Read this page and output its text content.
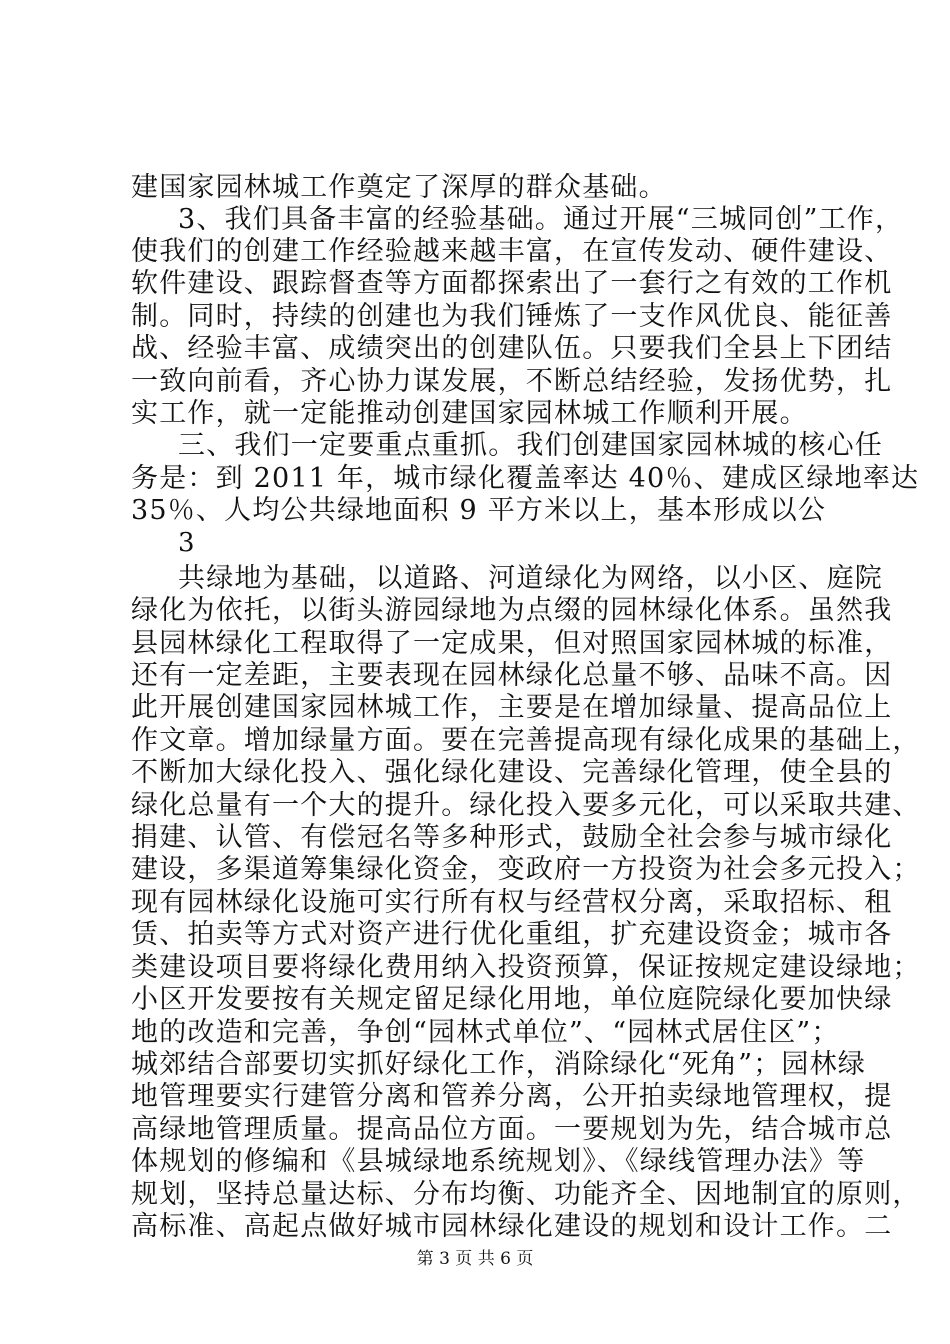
建国家园林城工作奠定了深厚的群众基础。
3、我们具备丰富的经验基础。通过开展“三城同创”工作，
使我们的创建工作经验越来越丰富，在宣传发动、硬件建设、
软件建设、跟踪督查等方面都探索出了一套行之有效的工作机
制。同时，持续的创建也为我们锤炼了一支作风优良、能征善
战、经验丰富、成绩突出的创建队伍。只要我们全县上下团结
一致向前看，齐心协力谋发展，不断总结经验，发扬优势，扎
实工作，就一定能推动创建国家园林城工作顺利开展。
三、我们一定要重点重抓。我们创建国家园林城的核心任
务是：到 2011 年，城市绿化覆盖率达 40％、建成区绿地率达
35％、人均公共绿地面积 9 平方米以上，基本形成以公
3
共绿地为基础，以道路、河道绿化为网络，以小区、庭院
绿化为依托，以街头游园绿地为点缀的园林绿化体系。虽然我
县园林绿化工程取得了一定成果，但对照国家园林城的标准，
还有一定差距，主要表现在园林绿化总量不够、品味不高。因
此开展创建国家园林城工作，主要是在增加绿量、提高品位上
作文章。增加绿量方面。要在完善提高现有绿化成果的基础上，
不断加大绿化投入、强化绿化建设、完善绿化管理，使全县的
绿化总量有一个大的提升。绿化投入要多元化，可以采取共建、
捐建、认管、有偿冠名等多种形式，鼓励全社会参与城市绿化
建设，多渠道筹集绿化资金，变政府一方投资为社会多元投入；
现有园林绿化设施可实行所有权与经营权分离，采取招标、租
赁、拍卖等方式对资产进行优化重组，扩充建设资金；城市各
类建设项目要将绿化费用纳入投资预算，保证按规定建设绿地；
小区开发要按有关规定留足绿化用地，单位庭院绿化要加快绿
地的改造和完善，争创“园林式单位”、“园林式居住区”；
城郊结合部要切实抓好绿化工作，消除绿化“死角”；园林绿
地管理要实行建管分离和管养分离，公开拍卖绿地管理权，提
高绿地管理质量。提高品位方面。一要规划为先，结合城市总
体规划的修编和《县城绿地系统规划》、《绿线管理办法》等
规划，坚持总量达标、分布均衡、功能齐全、因地制宜的原则，
高标准、高起点做好城市园林绿化建设的规划和设计工作。二
第 3 页 共 6 页
